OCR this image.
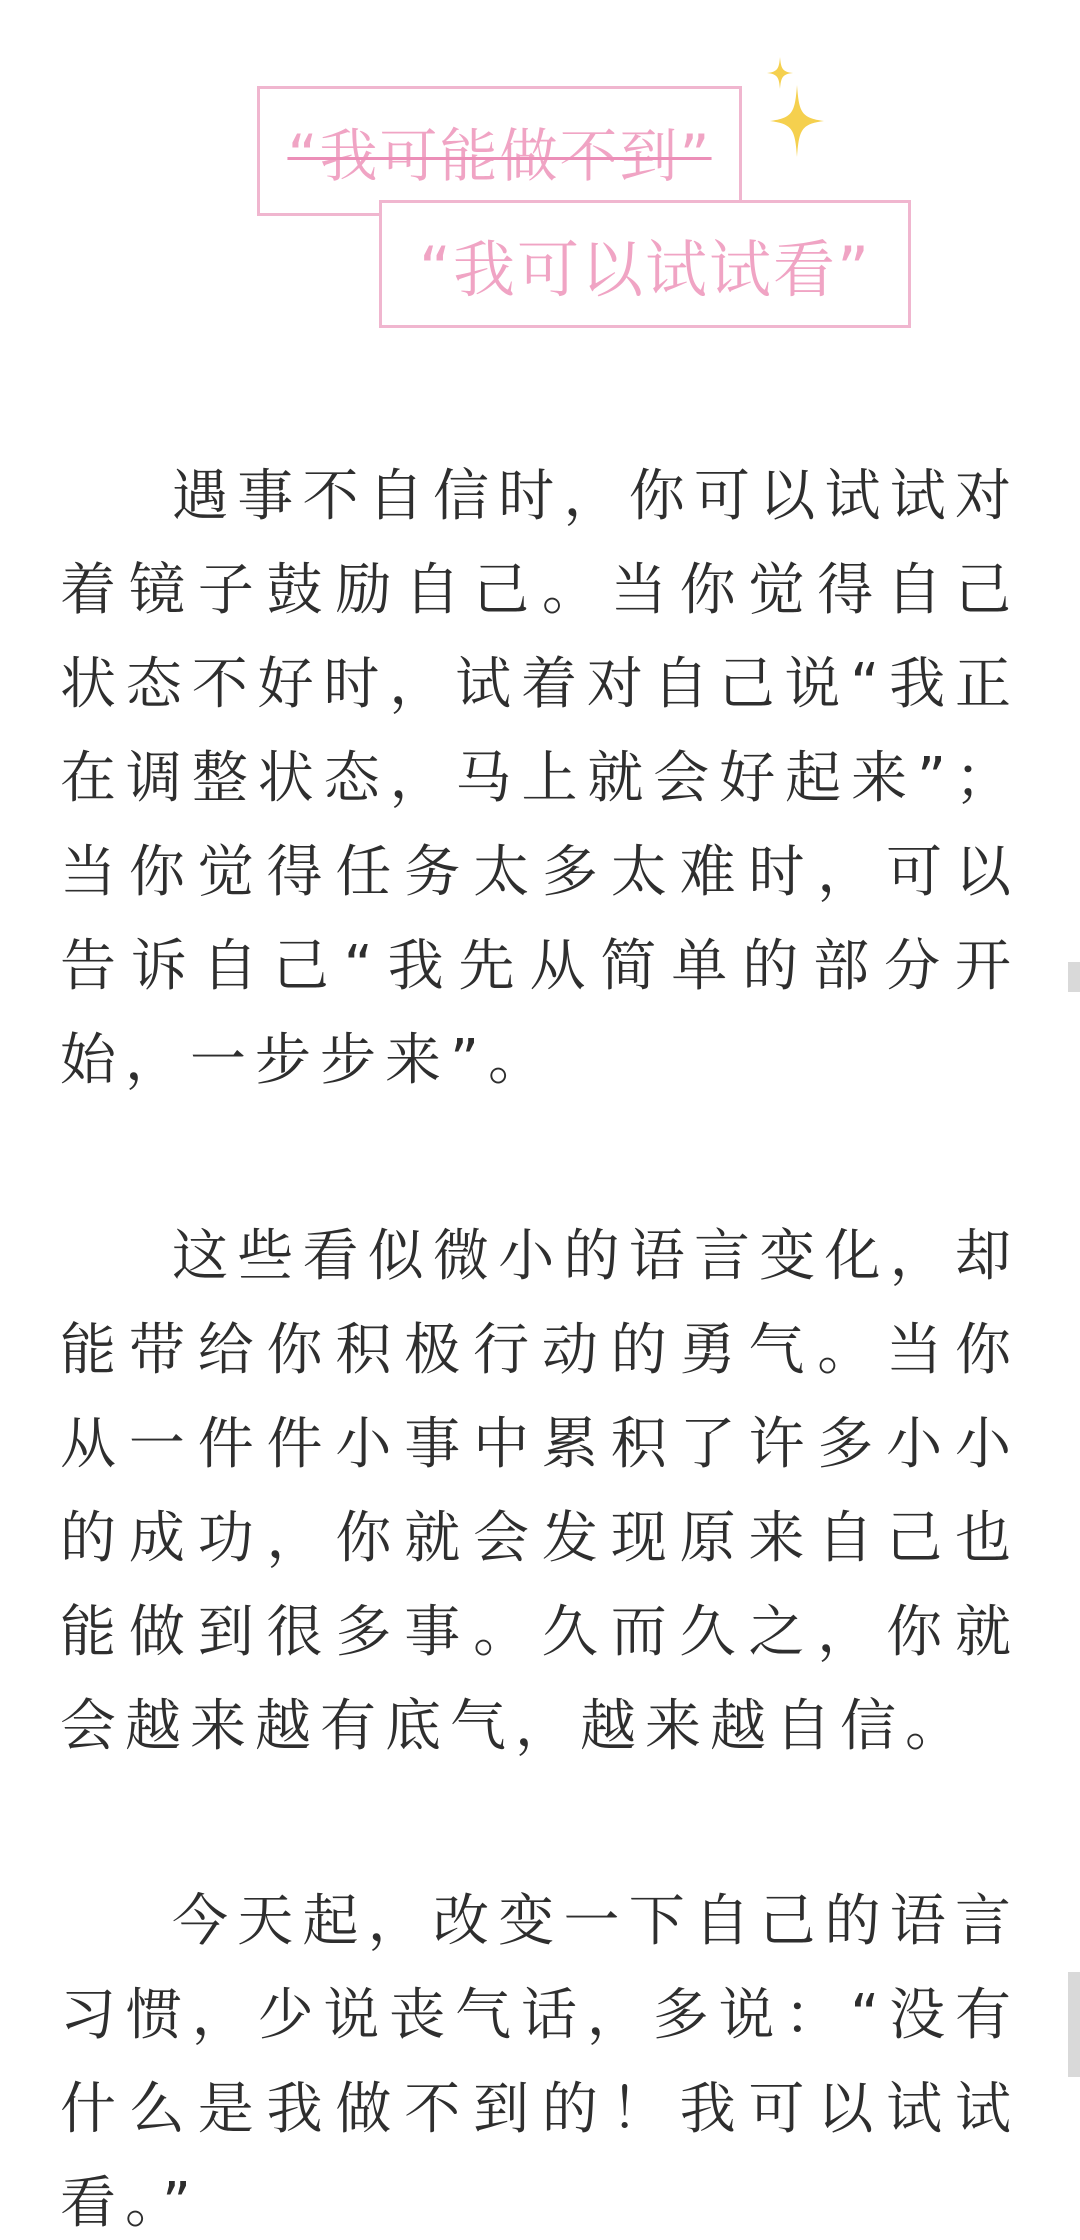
“我可能做不到”
“我可以试试看”

遇事不自信时，你可以试试对着镜子鼓励自己。当你觉得自己状态不好时，试着对自己说“我正在调整状态，马上就会好起来”；当你觉得任务太多太难时，可以告诉自己“我先从简单的部分开始，一步步来”。

这些看似微小的语言变化，却能带给你积极行动的勇气。当你从一件件小事中累积了许多小小的成功，你就会发现原来自己也能做到很多事。久而久之，你就会越来越有底气，越来越自信。

今天起，改变一下自己的语言习惯，少说丧气话，多说：“没有什么是我做不到的！我可以试试看。”
